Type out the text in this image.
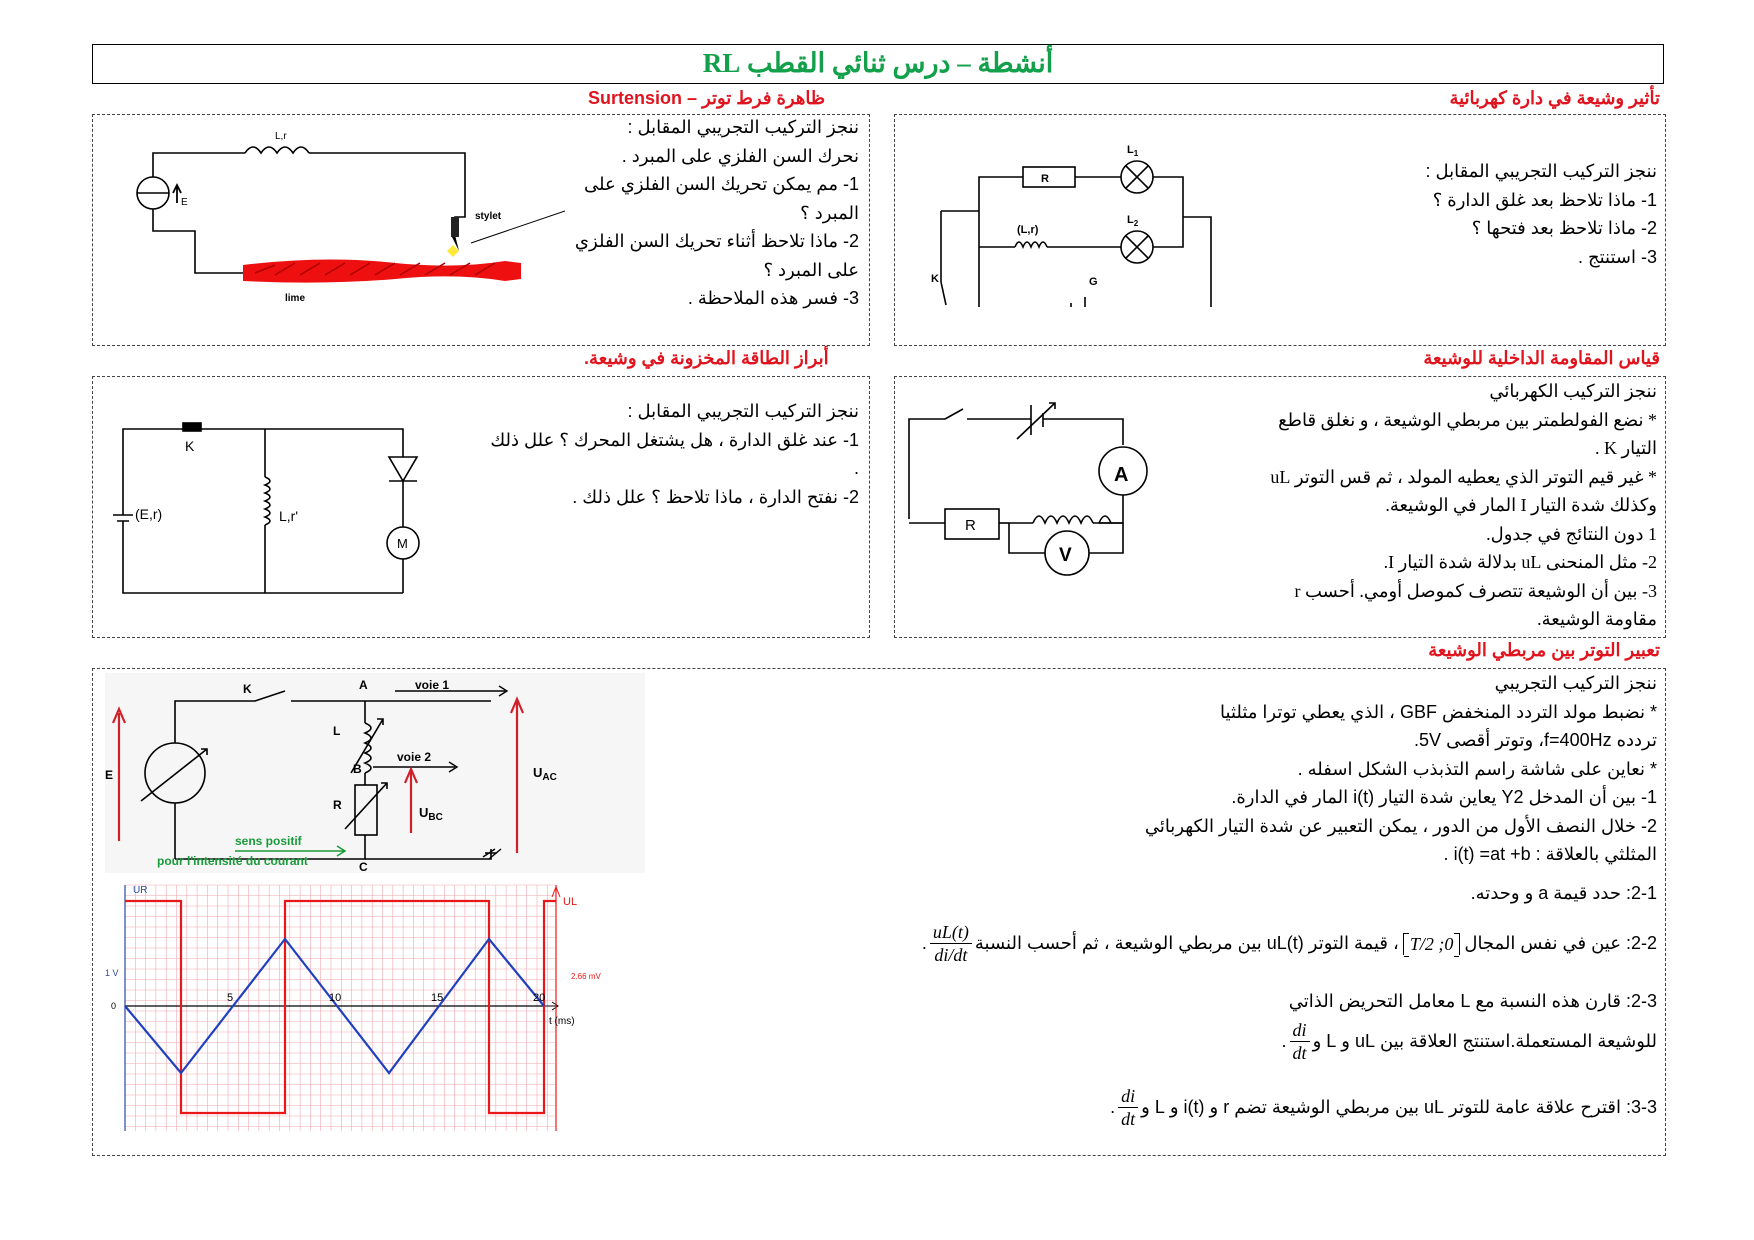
أنشطة – درس ثنائي القطب RL
تأثير وشيعة في دارة كهربائية
R
$L_1$
$L_2$
(L,r)
K	G

ننجز التركيب التجريبي المقابل :

1- ماذا تلاحظ بعد غلق الدارة ؟

2- ماذا تلاحظ بعد فتحها ؟

3- استنتج .

ظاهرة فرط توتر – Surtension
L,r
E
stylet
lime

ننجز التركيب التجريبي المقابل :

نحرك السن الفلزي على المبرد .

1- مم يمكن تحريك السن الفلزي على

المبرد ؟

2- ماذا تلاحظ أثناء تحريك السن الفلزي

على المبرد ؟

3- فسر هذه الملاحظة .

قياس المقاومة الداخلية للوشيعة
A
V
R

ننجز التركيب الكهربائي

* نضع الفولطمتر بين مربطي الوشيعة ، و نغلق قاطع

التيار K .

* غير قيم التوتر الذي يعطيه المولد ، ثم قس التوتر uL

وكذلك شدة التيار I المار في الوشيعة.

1 دون النتائج في جدول.

2- مثل المنحنى uL بدلالة شدة التيار I.

3- بين أن الوشيعة تتصرف كموصل أومي. أحسب r

مقاومة الوشيعة.

أبراز الطاقة المخزونة في وشيعة.
K
(E,r)	L,r'
M

ننجز التركيب التجريبي المقابل :

1- عند غلق الدارة ، هل يشتغل المحرك ؟ علل ذلك

.

2- نفتح الدارة ، ماذا تلاحظ ؟ علل ذلك .

تعبير التوتر بين مربطي الوشيعة
K	A	voie 1
L
voie 2
B
R
E	$U_{AC}$
$U_{BC}$
C
sens positif
pour l'intensité du courant
UR
UL
1 V
0
5	10	15	20
t (ms)
2.66 mV

ننجز التركيب التجريبي

* نضبط مولد التردد المنخفض GBF ، الذي يعطي توترا مثلثيا

تردده f=400Hz، وتوتر أقصى 5V.

* نعاين على شاشة راسم التذبذب الشكل اسفله .

1- بين أن المدخل Y2 يعاين شدة التيار i(t) المار في الدارة.

2- خلال النصف الأول من الدور ، يمكن التعبير عن شدة التيار الكهربائي

المثلثي بالعلاقة : i(t) =at +b .

2-1: حدد قيمة a و وحدته.
2-2: عين في نفس المجال
0; T/2
، قيمة التوتر uL(t) بين مربطي الوشيعة ، ثم أحسب النسبة
$\frac{uL(t)}{di/dt}$
.
2-3: قارن هذه النسبة مع L معامل التحريض الذاتي
للوشيعة المستعملة.استنتج العلاقة بين uL و L و
$\frac{di}{dt}$
.
3-3: اقترح علاقة عامة للتوتر uL بين مربطي الوشيعة تضم r و i(t) و L و
$\frac{di}{dt}$
.
